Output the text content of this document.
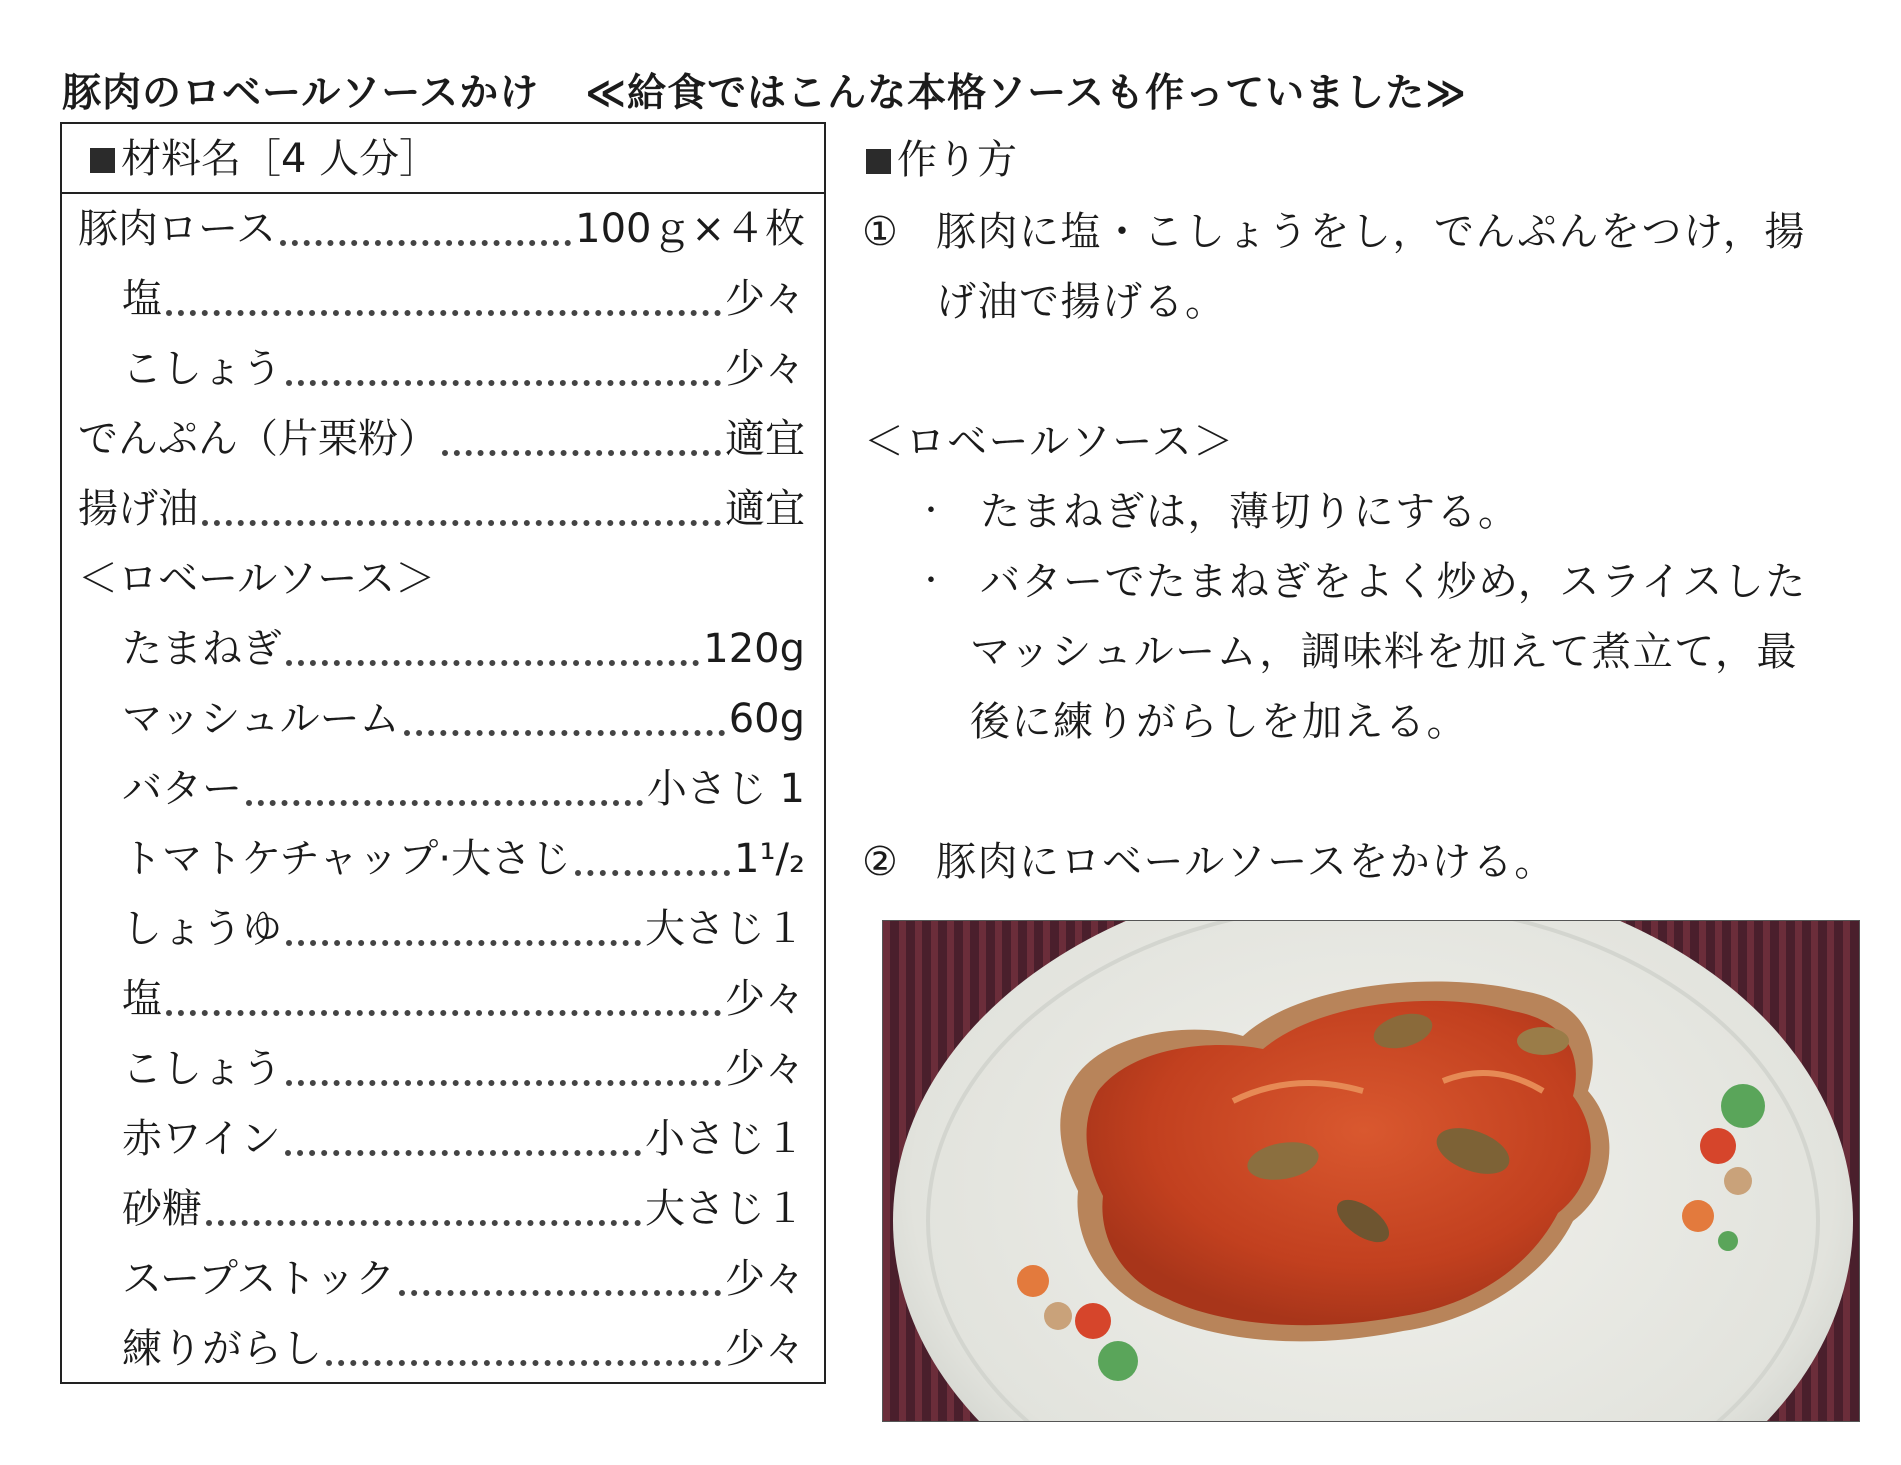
豚肉のロベールソースかけ ≪給食ではこんな本格ソースも作っていました≫
材料名［4 人分］
豚肉ロース	100ｇ×４枚
塩	少々
こしょう	少々
でんぷん（片栗粉）	適宜
揚げ油	適宜
＜ロベールソース＞
たまねぎ	120g
マッシュルーム	60g
バター	小さじ 1
トマトケチャップ·大さじ	1¹/₂
しょうゆ	大さじ１
塩	少々
こしょう	少々
赤ワイン	小さじ１
砂糖	大さじ１
スープストック	少々
練りがらし	少々
作り方
① 豚肉に塩・こしょうをし，でんぷんをつけ，揚
げ油で揚げる。
＜ロベールソース＞
・ たまねぎは，薄切りにする。
・ バターでたまねぎをよく炒め，スライスした
マッシュルーム，調味料を加えて煮立て，最
後に練りがらしを加える。
② 豚肉にロベールソースをかける。
